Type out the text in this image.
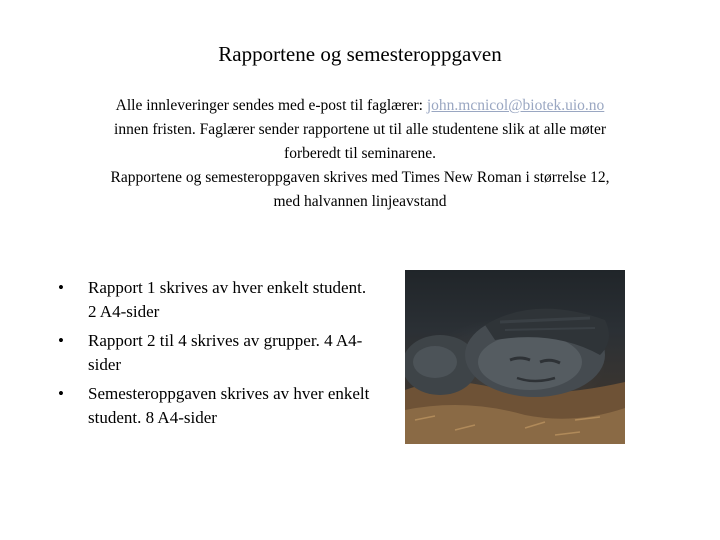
Rapportene og semesteroppgaven
Alle innleveringer sendes med e-post til faglærer: john.mcnicol@biotek.uio.no
innen fristen. Faglærer sender rapportene ut til alle studentene slik at alle møter
forberedt til seminarene.
Rapportene og semesteroppgaven skrives med Times New Roman i størrelse 12,
med halvannen linjeavstand
• Rapport 1 skrives av hver enkelt student. 2 A4-sider
• Rapport 2 til 4 skrives av grupper. 4 A4-sider
• Semesteroppgaven skrives av hver enkelt student. 8 A4-sider
